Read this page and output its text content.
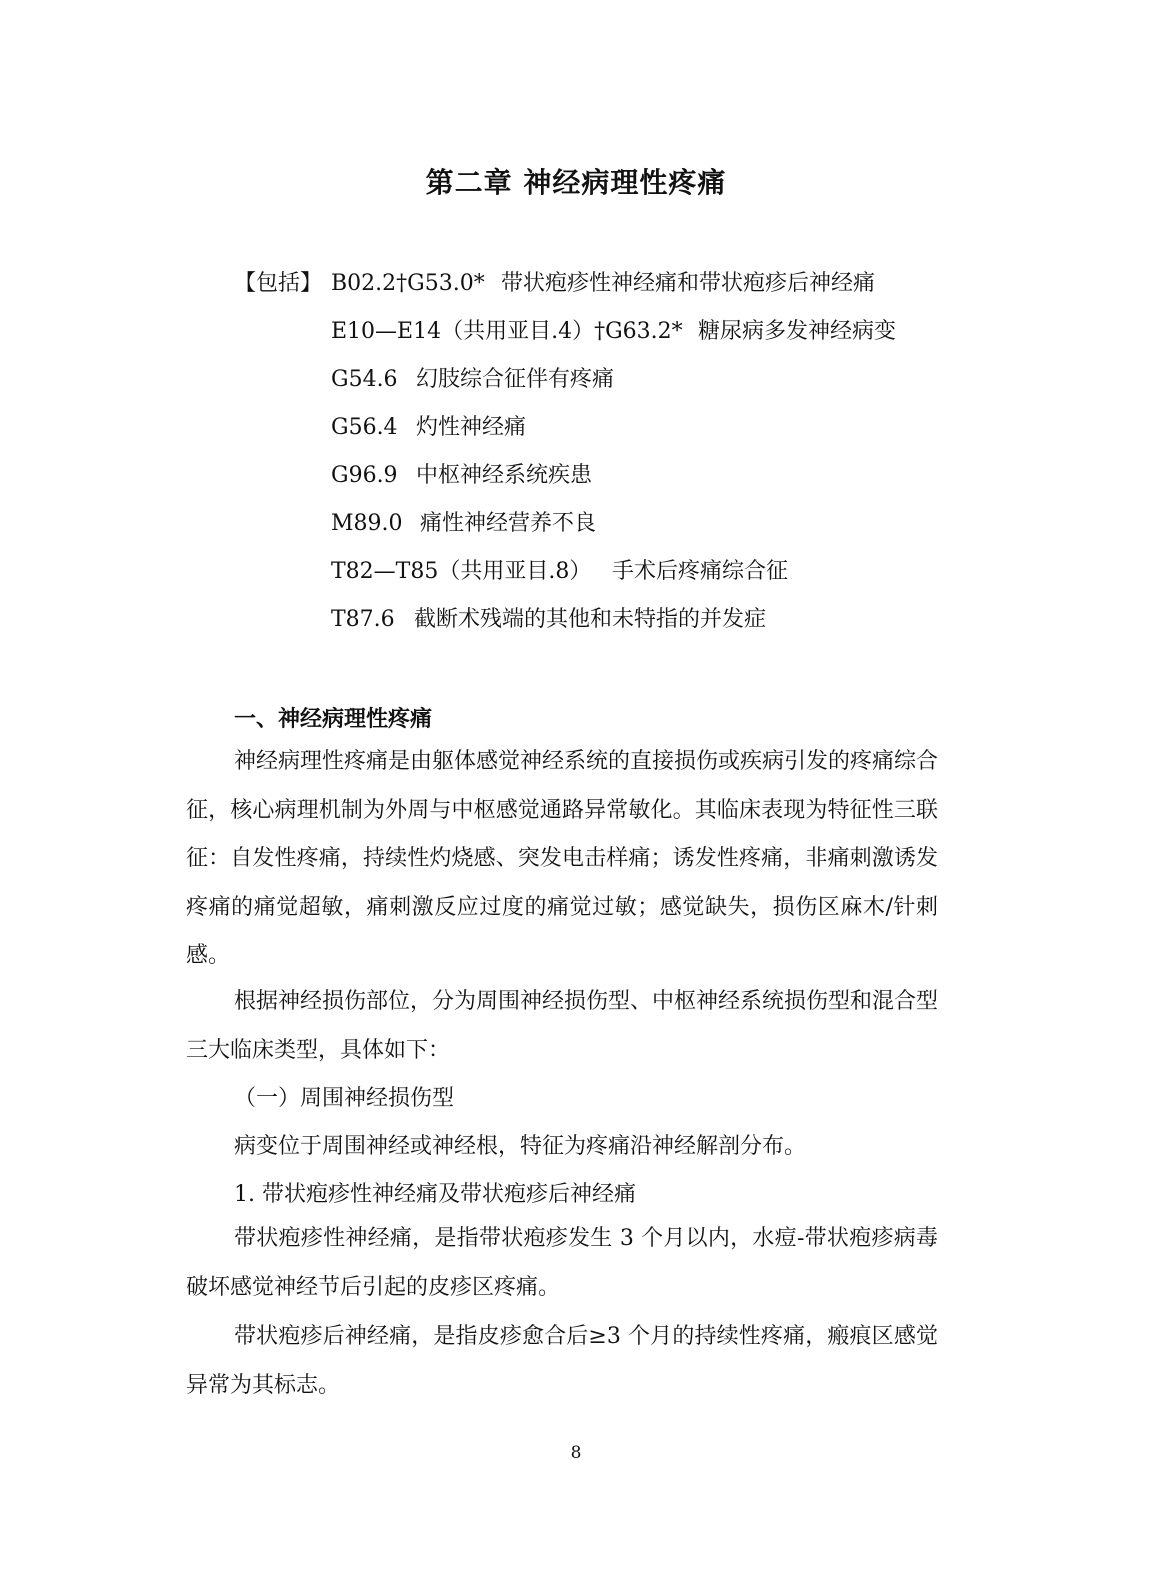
第二章 神经病理性疼痛
【包括】 B02.2†G53.0* 带状疱疹性神经痛和带状疱疹后神经痛
E10—E14（共用亚目.4）†G63.2* 糖尿病多发神经病变
G54.6 幻肢综合征伴有疼痛
G56.4 灼性神经痛
G96.9 中枢神经系统疾患
M89.0 痛性神经营养不良
T82—T85（共用亚目.8） 手术后疼痛综合征
T87.6 截断术残端的其他和未特指的并发症
一、神经病理性疼痛

神经病理性疼痛是由躯体感觉神经系统的直接损伤或疾病引发的疼痛综合征，核心病理机制为外周与中枢感觉通路异常敏化。其临床表现为特征性三联征：自发性疼痛，持续性灼烧感、突发电击样痛；诱发性疼痛，非痛刺激诱发疼痛的痛觉超敏，痛刺激反应过度的痛觉过敏；感觉缺失，损伤区麻木/针刺感。

根据神经损伤部位，分为周围神经损伤型、中枢神经系统损伤型和混合型三大临床类型，具体如下：

（一）周围神经损伤型
病变位于周围神经或神经根，特征为疼痛沿神经解剖分布。
1. 带状疱疹性神经痛及带状疱疹后神经痛

带状疱疹性神经痛，是指带状疱疹发生 3 个月以内，水痘-带状疱疹病毒破坏感觉神经节后引起的皮疹区疼痛。

带状疱疹后神经痛，是指皮疹愈合后≥3 个月的持续性疼痛，瘢痕区感觉异常为其标志。

8
